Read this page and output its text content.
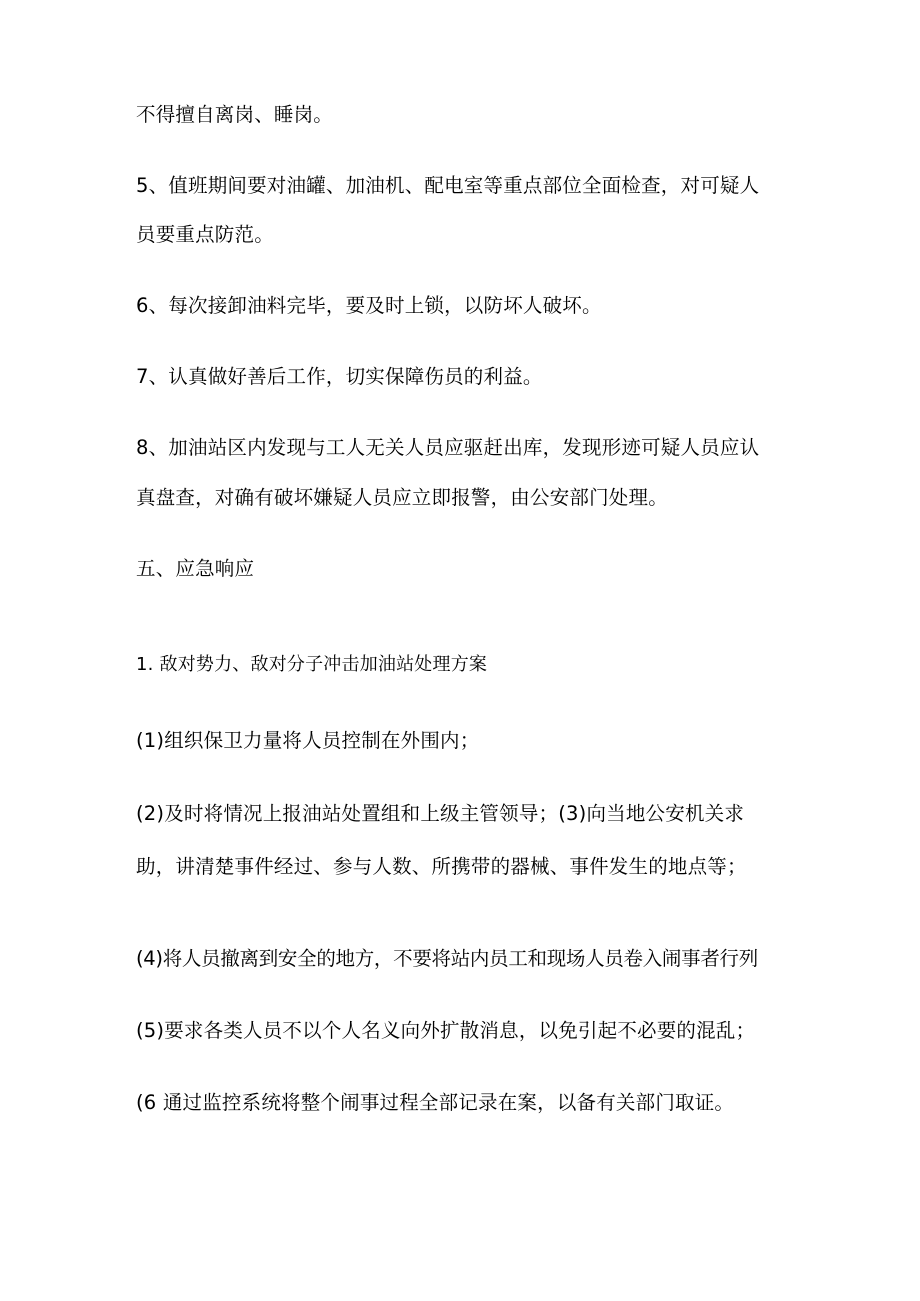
不得擅自离岗、睡岗。
5、值班期间要对油罐、加油机、配电室等重点部位全面检查，对可疑人
员要重点防范。
6、每次接卸油料完毕，要及时上锁，以防坏人破坏。
7、认真做好善后工作，切实保障伤员的利益。
8、加油站区内发现与工人无关人员应驱赶出库，发现形迹可疑人员应认
真盘查，对确有破坏嫌疑人员应立即报警，由公安部门处理。
五、应急响应
1. 敌对势力、敌对分子冲击加油站处理方案
(1)组织保卫力量将人员控制在外围内；
(2)及时将情况上报油站处置组和上级主管领导；(3)向当地公安机关求
助，讲清楚事件经过、参与人数、所携带的器械、事件发生的地点等；
(4)将人员撤离到安全的地方，不要将站内员工和现场人员卷入闹事者行列
(5)要求各类人员不以个人名义向外扩散消息，以免引起不必要的混乱；
(6 通过监控系统将整个闹事过程全部记录在案，以备有关部门取证。
